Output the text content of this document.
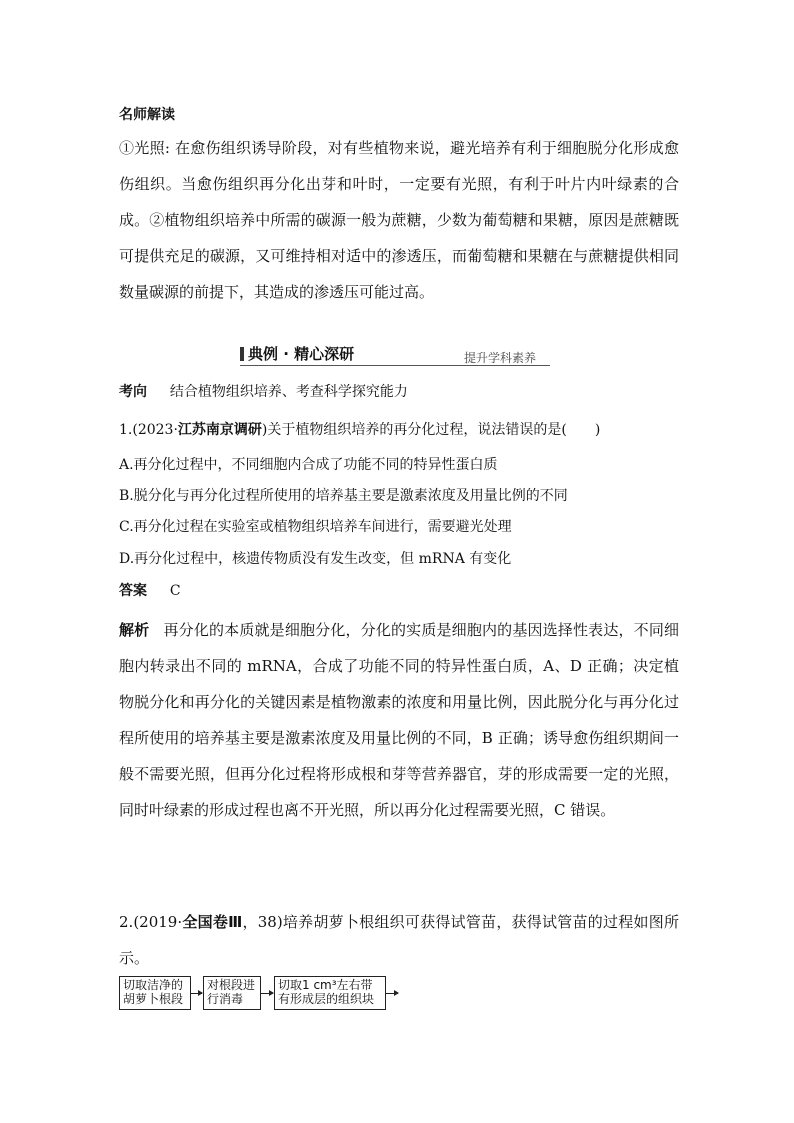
名师解读
①光照: 在愈伤组织诱导阶段，对有些植物来说，避光培养有利于细胞脱分化形成愈伤组织。当愈伤组织再分化出芽和叶时，一定要有光照，有利于叶片内叶绿素的合成。②植物组织培养中所需的碳源一般为蔗糖，少数为葡萄糖和果糖，原因是蔗糖既可提供充足的碳源，又可维持相对适中的渗透压，而葡萄糖和果糖在与蔗糖提供相同数量碳源的前提下，其造成的渗透压可能过高。
典例 · 精心深研	提升学科素养
考向 结合植物组织培养、考查科学探究能力
1.(2023·江苏南京调研)关于植物组织培养的再分化过程，说法错误的是(　　)
A.再分化过程中，不同细胞内合成了功能不同的特异性蛋白质
B.脱分化与再分化过程所使用的培养基主要是激素浓度及用量比例的不同
C.再分化过程在实验室或植物组织培养车间进行，需要避光处理
D.再分化过程中，核遗传物质没有发生改变，但 mRNA 有变化
答案 C
解析 再分化的本质就是细胞分化，分化的实质是细胞内的基因选择性表达，不同细胞内转录出不同的 mRNA，合成了功能不同的特异性蛋白质，A、D 正确；决定植物脱分化和再分化的关键因素是植物激素的浓度和用量比例，因此脱分化与再分化过程所使用的培养基主要是激素浓度及用量比例的不同，B 正确；诱导愈伤组织期间一般不需要光照，但再分化过程将形成根和芽等营养器官，芽的形成需要一定的光照，同时叶绿素的形成过程也离不开光照，所以再分化过程需要光照，C 错误。
2.(2019·全国卷Ⅲ，38)培养胡萝卜根组织可获得试管苗，获得试管苗的过程如图所示。
切取洁净的胡萝卜根段
对根段进行消毒
切取1 cm³左右带有形成层的组织块
